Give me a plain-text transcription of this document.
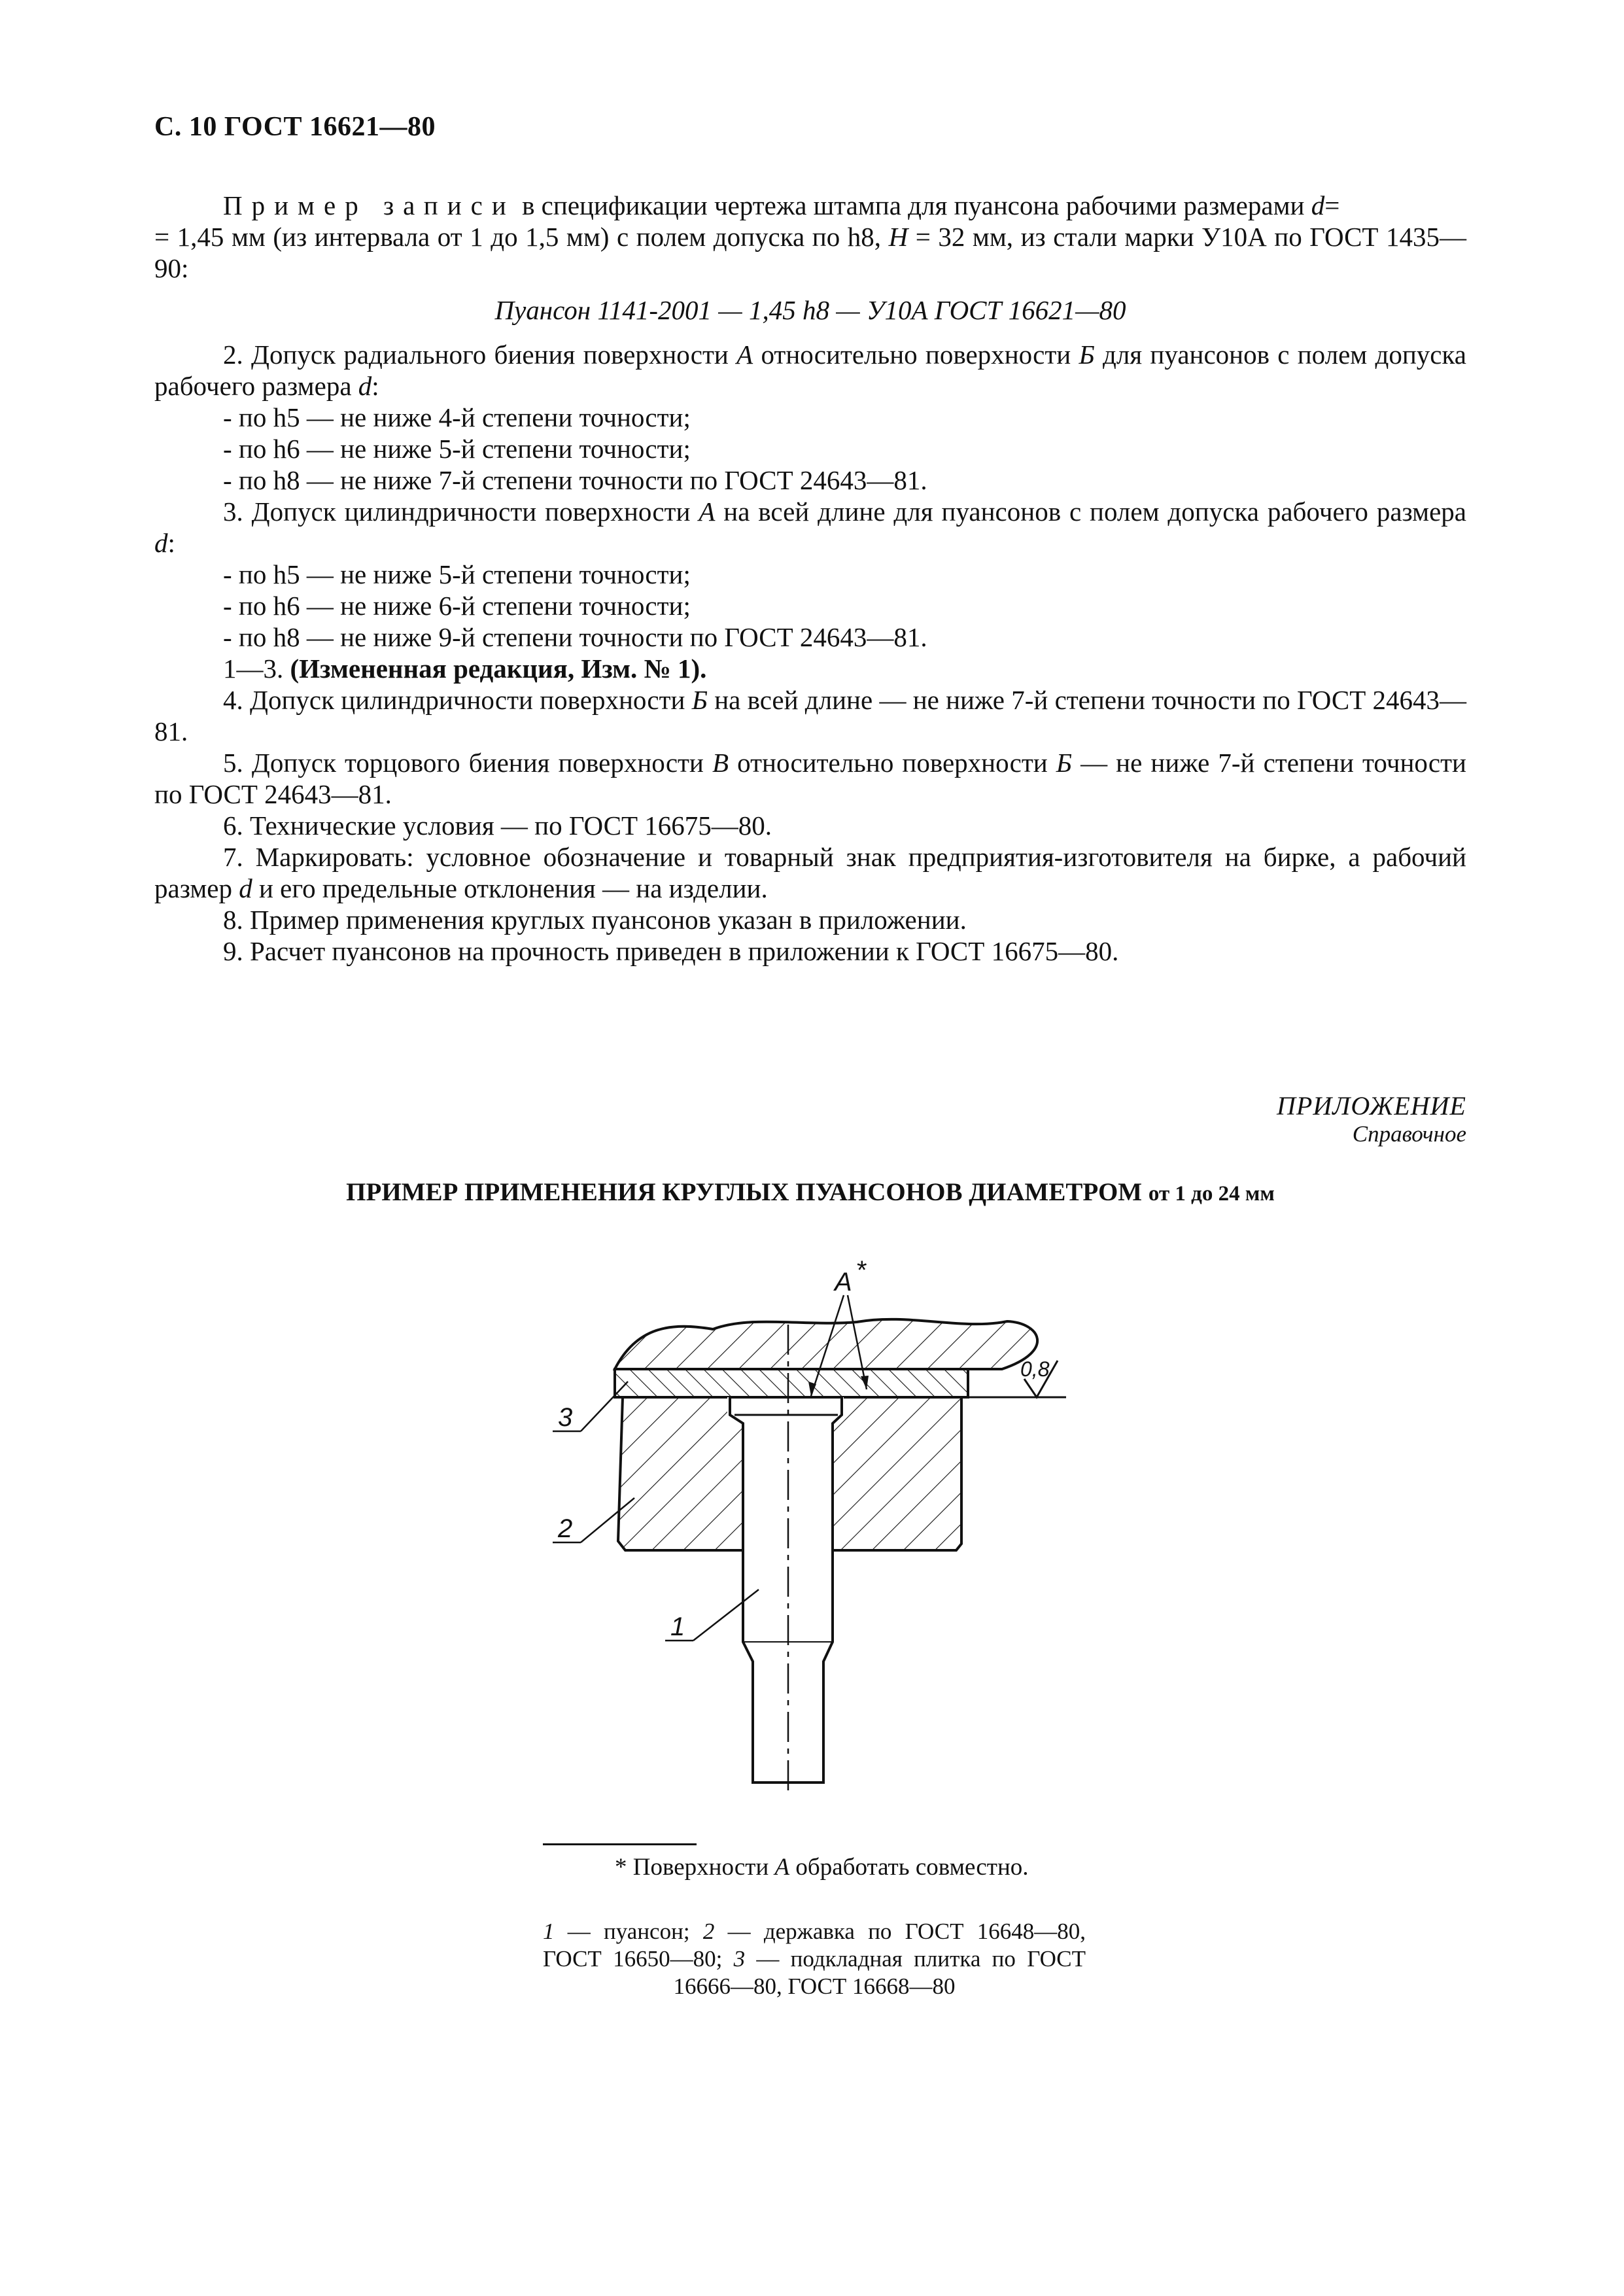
С. 10 ГОСТ 16621—80

Пример записи в спецификации чертежа штампа для пуансона рабочими размерами d=
= 1,45 мм (из интервала от 1 до 1,5 мм) с полем допуска по h8, H = 32 мм, из стали марки У10А по ГОСТ 1435—90:

Пуансон 1141-2001 — 1,45 h8 — У10А ГОСТ 16621—80

2. Допуск радиального биения поверхности А относительно поверхности Б для пуансонов с полем допуска рабочего размера d:

- по h5 — не ниже 4-й степени точности;

- по h6 — не ниже 5-й степени точности;

- по h8 — не ниже 7-й степени точности по ГОСТ 24643—81.

3. Допуск цилиндричности поверхности А на всей длине для пуансонов с полем допуска рабочего размера d:

- по h5 — не ниже 5-й степени точности;

- по h6 — не ниже 6-й степени точности;

- по h8 — не ниже 9-й степени точности по ГОСТ 24643—81.

1—3. (Измененная редакция, Изм. № 1).

4. Допуск цилиндричности поверхности Б на всей длине — не ниже 7-й степени точности по ГОСТ 24643—81.

5. Допуск торцового биения поверхности В относительно поверхности Б — не ниже 7-й степени точности по ГОСТ 24643—81.

6. Технические условия — по ГОСТ 16675—80.

7. Маркировать: условное обозначение и товарный знак предприятия-изготовителя на бирке, а рабочий размер d и его предельные отклонения — на изделии.

8. Пример применения круглых пуансонов указан в приложении.

9. Расчет пуансонов на прочность приведен в приложении к ГОСТ 16675—80.

ПРИЛОЖЕНИЕ
Справочное
ПРИМЕР ПРИМЕНЕНИЯ КРУГЛЫХ ПУАНСОНОВ ДИАМЕТРОМ от 1 до 24 мм
0,8
А *
3
2
1
* Поверхности А обработать совместно.
1 — пуансон; 2 — державка по ГОСТ 16648—80, ГОСТ 16650—80; 3 — подкладная плитка по ГОСТ 16666—80, ГОСТ 16668—80
